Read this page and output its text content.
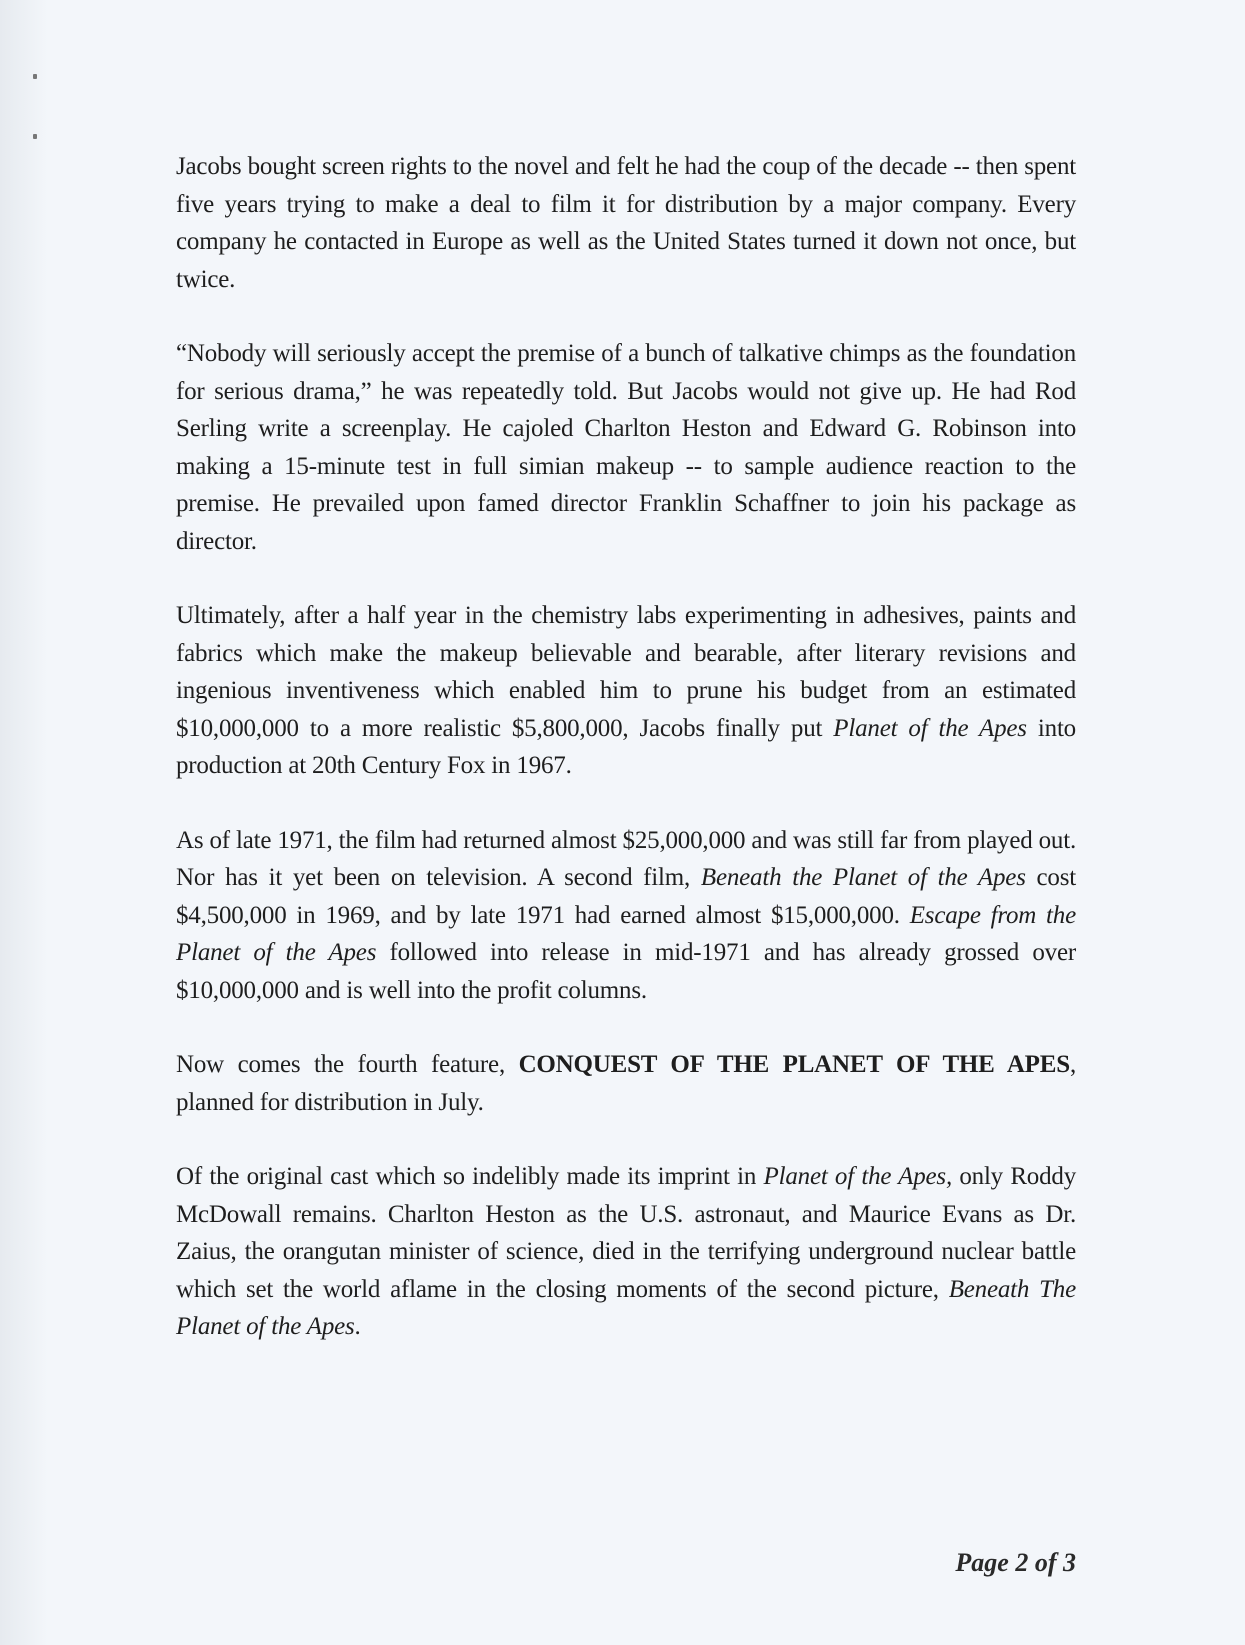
Jacobs bought screen rights to the novel and felt he had the coup of the decade -- then spent five years trying to make a deal to film it for distribution by a major company. Every company he contacted in Europe as well as the United States turned it down not once, but twice.

“Nobody will seriously accept the premise of a bunch of talkative chimps as the foundation for serious drama,” he was repeatedly told. But Jacobs would not give up. He had Rod Serling write a screenplay. He cajoled Charlton Heston and Edward G. Robinson into making a 15-minute test in full simian makeup -- to sample audience reaction to the premise. He prevailed upon famed director Franklin Schaffner to join his package as director.

Ultimately, after a half year in the chemistry labs experimenting in adhesives, paints and fabrics which make the makeup believable and bearable, after literary revisions and ingenious inventiveness which enabled him to prune his budget from an estimated $10,000,000 to a more realistic $5,800,000, Jacobs finally put Planet of the Apes into production at 20th Century Fox in 1967.

As of late 1971, the film had returned almost $25,000,000 and was still far from played out. Nor has it yet been on television. A second film, Beneath the Planet of the Apes cost $4,500,000 in 1969, and by late 1971 had earned almost $15,000,000. Escape from the Planet of the Apes followed into release in mid-1971 and has already grossed over $10,000,000 and is well into the profit columns.

Now comes the fourth feature, CONQUEST OF THE PLANET OF THE APES, planned for distribution in July.

Of the original cast which so indelibly made its imprint in Planet of the Apes, only Roddy McDowall remains. Charlton Heston as the U.S. astronaut, and Maurice Evans as Dr. Zaius, the orangutan minister of science, died in the terrifying underground nuclear battle which set the world aflame in the closing moments of the second picture, Beneath The Planet of the Apes.

Page 2 of 3
